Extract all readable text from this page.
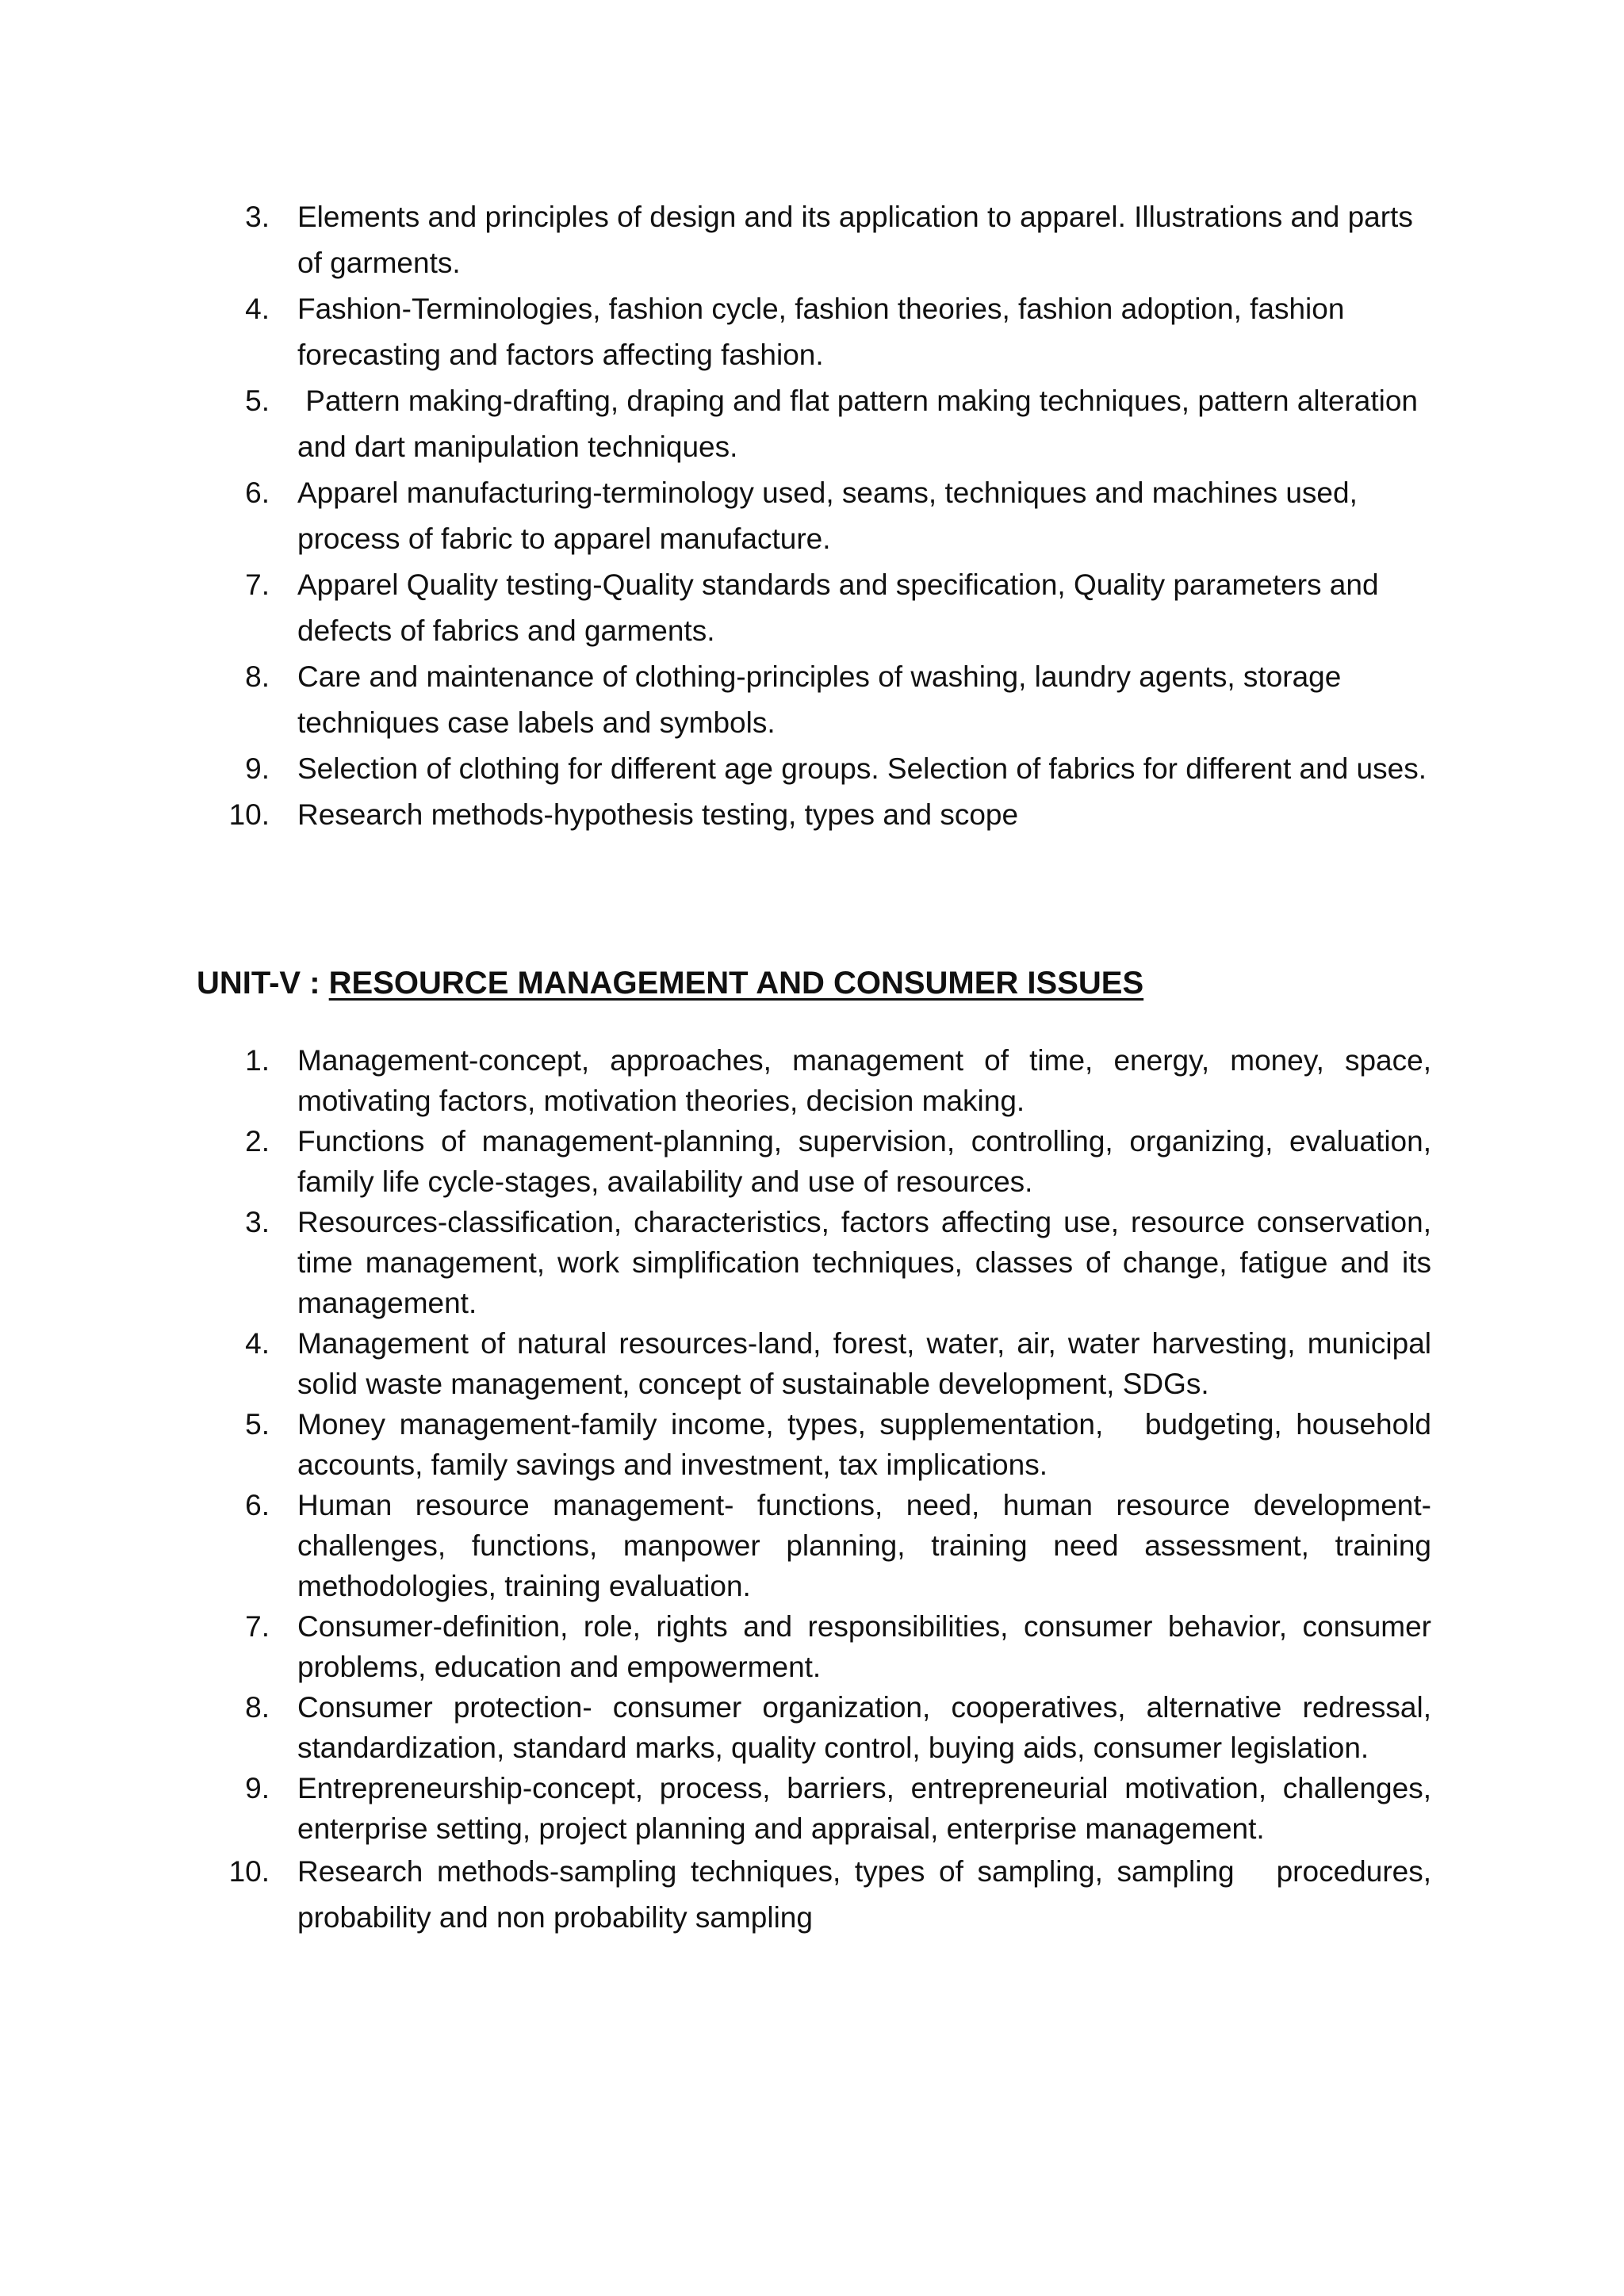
3. Elements and principles of design and its application to apparel. Illustrations and parts of garments.
4. Fashion-Terminologies, fashion cycle, fashion theories, fashion adoption, fashion forecasting and factors affecting fashion.
5. Pattern making-drafting, draping and flat pattern making techniques, pattern alteration and dart manipulation techniques.
6. Apparel manufacturing-terminology used, seams, techniques and machines used, process of fabric to apparel manufacture.
7. Apparel Quality testing-Quality standards and specification, Quality parameters and defects of fabrics and garments.
8. Care and maintenance of clothing-principles of washing, laundry agents, storage techniques case labels and symbols.
9. Selection of clothing for different age groups. Selection of fabrics for different and uses.
10. Research methods-hypothesis testing, types and scope
UNIT-V : RESOURCE MANAGEMENT AND CONSUMER ISSUES
1. Management-concept, approaches, management of time, energy, money, space, motivating factors, motivation theories, decision making.
2. Functions of management-planning, supervision, controlling, organizing, evaluation, family life cycle-stages, availability and use of resources.
3. Resources-classification, characteristics, factors affecting use, resource conservation, time management, work simplification techniques, classes of change, fatigue and its management.
4. Management of natural resources-land, forest, water, air, water harvesting, municipal solid waste management, concept of sustainable development, SDGs.
5. Money management-family income, types, supplementation,   budgeting, household accounts, family savings and investment, tax implications.
6. Human resource management- functions, need, human resource development-challenges, functions, manpower planning, training need assessment, training methodologies, training evaluation.
7. Consumer-definition, role, rights and responsibilities, consumer behavior, consumer problems, education and empowerment.
8. Consumer protection- consumer organization, cooperatives, alternative redressal, standardization, standard marks, quality control, buying aids, consumer legislation.
9. Entrepreneurship-concept, process, barriers, entrepreneurial motivation, challenges, enterprise setting, project planning and appraisal, enterprise management.
10. Research methods-sampling techniques, types of sampling, sampling   procedures, probability and non probability sampling
